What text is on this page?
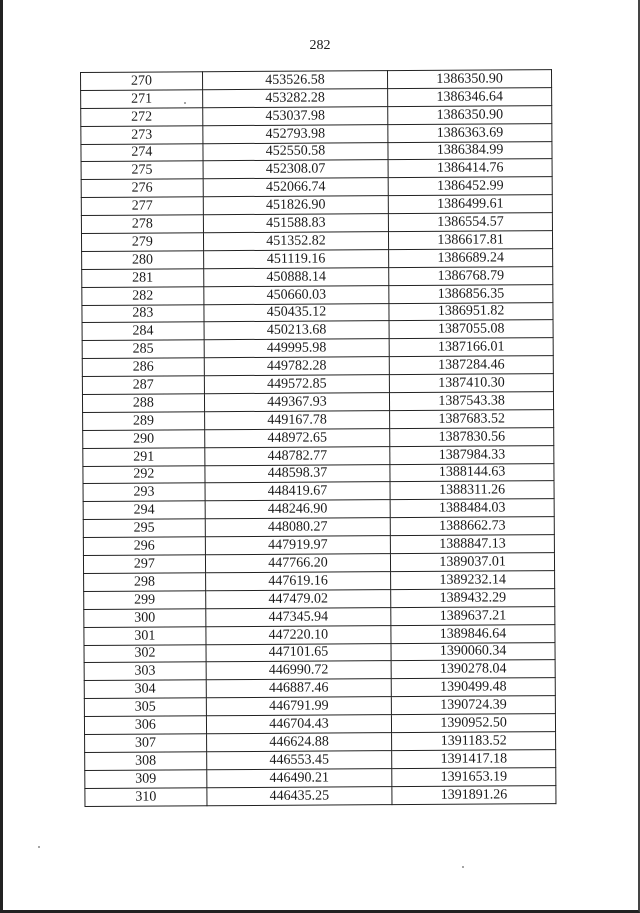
282
270	453526.58	1386350.90
271	453282.28	1386346.64
272	453037.98	1386350.90
273	452793.98	1386363.69
274	452550.58	1386384.99
275	452308.07	1386414.76
276	452066.74	1386452.99
277	451826.90	1386499.61
278	451588.83	1386554.57
279	451352.82	1386617.81
280	451119.16	1386689.24
281	450888.14	1386768.79
282	450660.03	1386856.35
283	450435.12	1386951.82
284	450213.68	1387055.08
285	449995.98	1387166.01
286	449782.28	1387284.46
287	449572.85	1387410.30
288	449367.93	1387543.38
289	449167.78	1387683.52
290	448972.65	1387830.56
291	448782.77	1387984.33
292	448598.37	1388144.63
293	448419.67	1388311.26
294	448246.90	1388484.03
295	448080.27	1388662.73
296	447919.97	1388847.13
297	447766.20	1389037.01
298	447619.16	1389232.14
299	447479.02	1389432.29
300	447345.94	1389637.21
301	447220.10	1389846.64
302	447101.65	1390060.34
303	446990.72	1390278.04
304	446887.46	1390499.48
305	446791.99	1390724.39
306	446704.43	1390952.50
307	446624.88	1391183.52
308	446553.45	1391417.18
309	446490.21	1391653.19
310	446435.25	1391891.26
